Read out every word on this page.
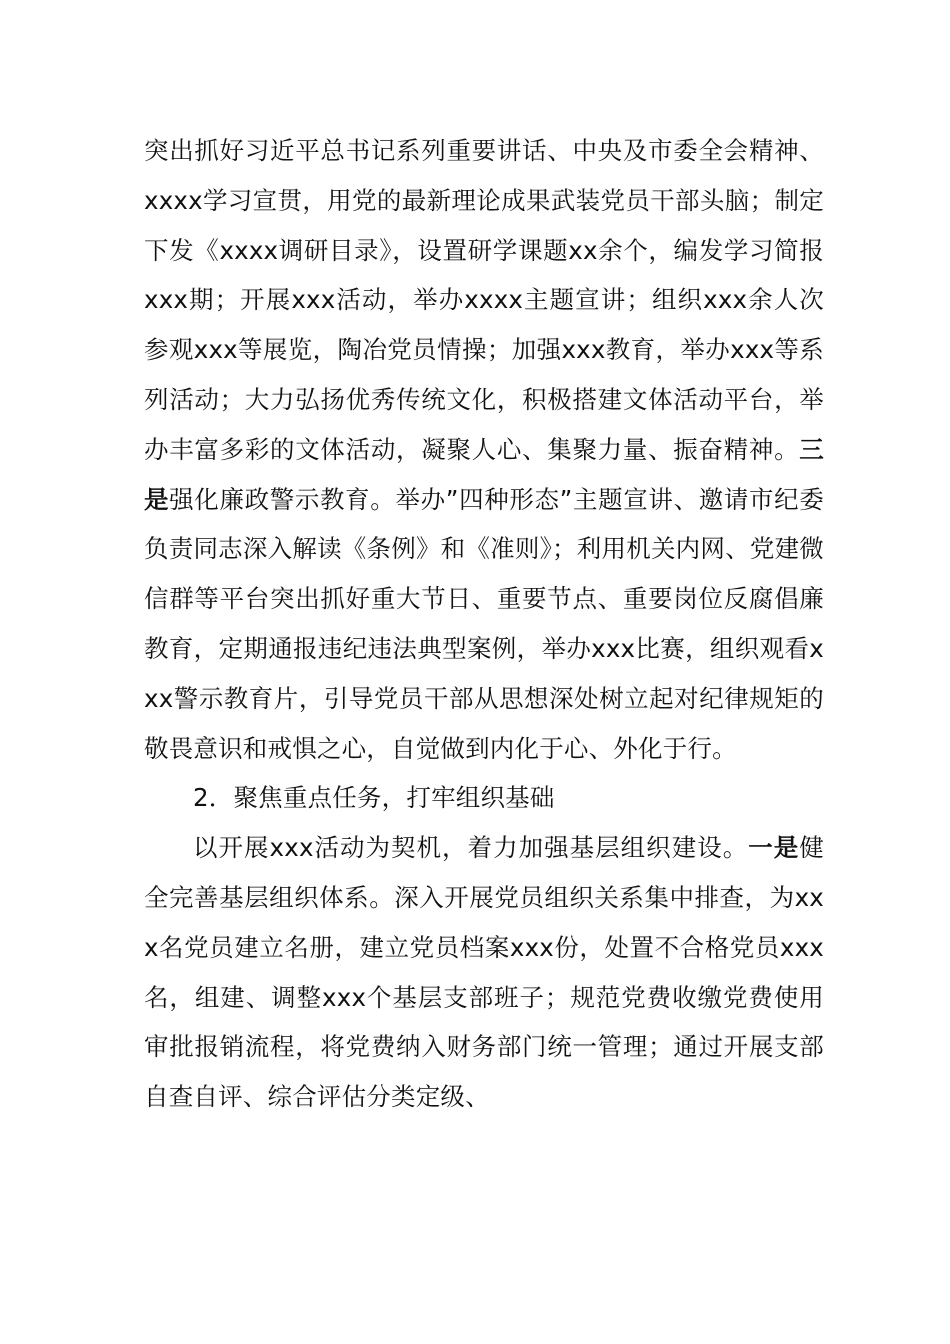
突出抓好习近平总书记系列重要讲话、中央及市委全会精神、xxxx学习宣贯，用党的最新理论成果武装党员干部头脑；制定下发《xxxx调研目录》，设置研学课题xx余个，编发学习简报xxx期；开展xxx活动，举办xxxx主题宣讲；组织xxx余人次参观xxx等展览，陶冶党员情操；加强xxx教育，举办xxx等系列活动；大力弘扬优秀传统文化，积极搭建文体活动平台，举办丰富多彩的文体活动，凝聚人心、集聚力量、振奋精神。三是强化廉政警示教育。举办”四种形态”主题宣讲、邀请市纪委负责同志深入解读《条例》和《准则》；利用机关内网、党建微信群等平台突出抓好重大节日、重要节点、重要岗位反腐倡廉教育，定期通报违纪违法典型案例，举办xxx比赛，组织观看xxx警示教育片，引导党员干部从思想深处树立起对纪律规矩的敬畏意识和戒惧之心，自觉做到内化于心、外化于行。

2．聚焦重点任务，打牢组织基础

以开展xxx活动为契机，着力加强基层组织建设。一是健全完善基层组织体系。深入开展党员组织关系集中排查，为xxx名党员建立名册，建立党员档案xxx份，处置不合格党员xxx名，组建、调整xxx个基层支部班子；规范党费收缴党费使用审批报销流程，将党费纳入财务部门统一管理；通过开展支部自查自评、综合评估分类定级、
